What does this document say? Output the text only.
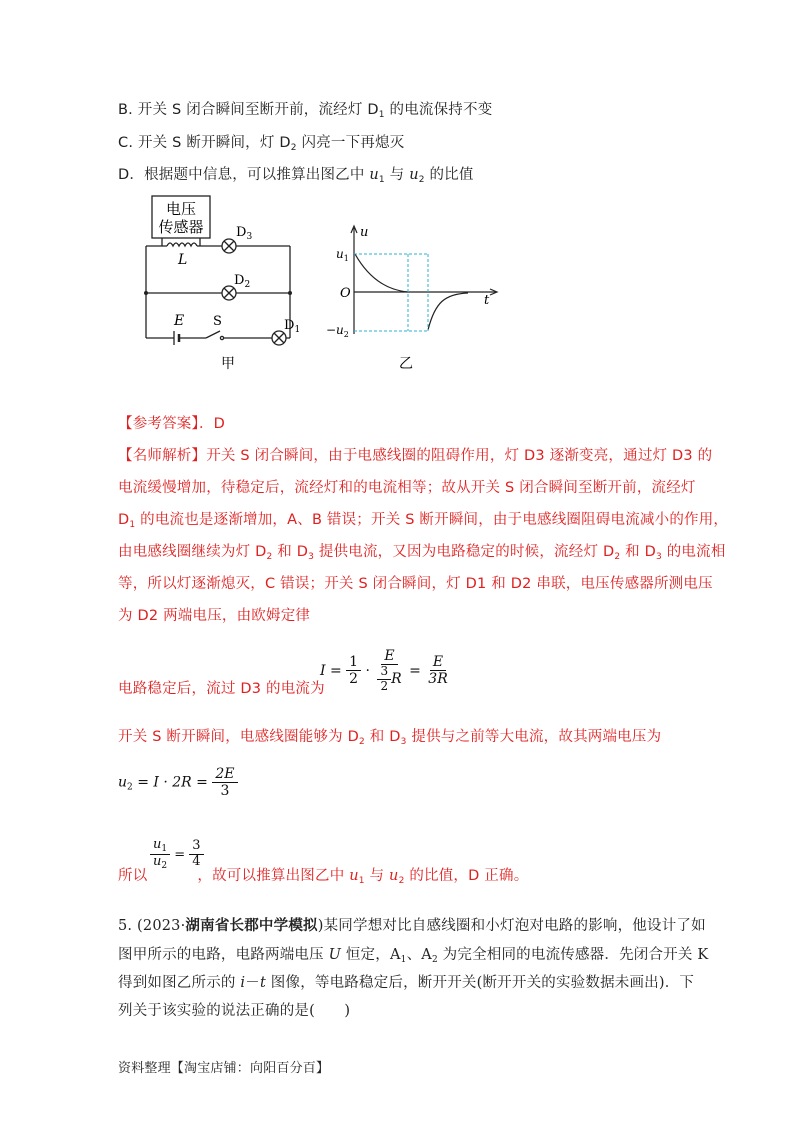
B. 开关 S 闭合瞬间至断开前，流经灯 $D_1$ 的电流保持不变
C. 开关 S 断开瞬间，灯 $D_2$ 闪亮一下再熄灭
D．根据题中信息，可以推算出图乙中 $u_1$ 与 $u_2$ 的比值
电压
传感器
L
$D_3$
$D_2$
E S	$D_1$
甲
u
t
$u_1$
O
$-u_2$
乙
【参考答案】．D
【名师解析】开关 S 闭合瞬间，由于电感线圈的阻碍作用，灯 D3 逐渐变亮，通过灯 D3 的
电流缓慢增加，待稳定后，流经灯和的电流相等；故从开关 S 闭合瞬间至断开前，流经灯
$D_1$ 的电流也是逐渐增加，A、B 错误；开关 S 断开瞬间，由于电感线圈阻碍电流减小的作用，
由电感线圈继续为灯 $D_2$ 和 $D_3$ 提供电流，又因为电路稳定的时候，流经灯 $D_2$ 和 $D_3$ 的电流相
等，所以灯逐渐熄灭，C 错误；开关 S 闭合瞬间，灯 D1 和 D2 串联，电压传感器所测电压
为 D2 两端电压，由欧姆定律
电路稳定后，流过 D3 的电流为
$I = \frac{1}{2} \cdot \frac{E}{\frac{3}{2} R} = \frac{E}{3R}$
开关 S 断开瞬间，电感线圈能够为 $D_2$ 和 $D_3$ 提供与之前等大电流，故其两端电压为
$u_2 = I \cdot 2R = \frac{2E}{3}$
$\frac{u_1}{u_2} = \frac{3}{4}$
所以	，故可以推算出图乙中 $u_1$ 与 $u_2$ 的比值，D 正确。
5. (2023·湖南省长郡中学模拟)某同学想对比自感线圈和小灯泡对电路的影响，他设计了如
图甲所示的电路，电路两端电压 U 恒定，$A_1$、$A_2$ 为完全相同的电流传感器．先闭合开关 K
得到如图乙所示的 i－t 图像，等电路稳定后，断开开关(断开开关的实验数据未画出)．下
列关于该实验的说法正确的是(　　)
资料整理【淘宝店铺：向阳百分百】
